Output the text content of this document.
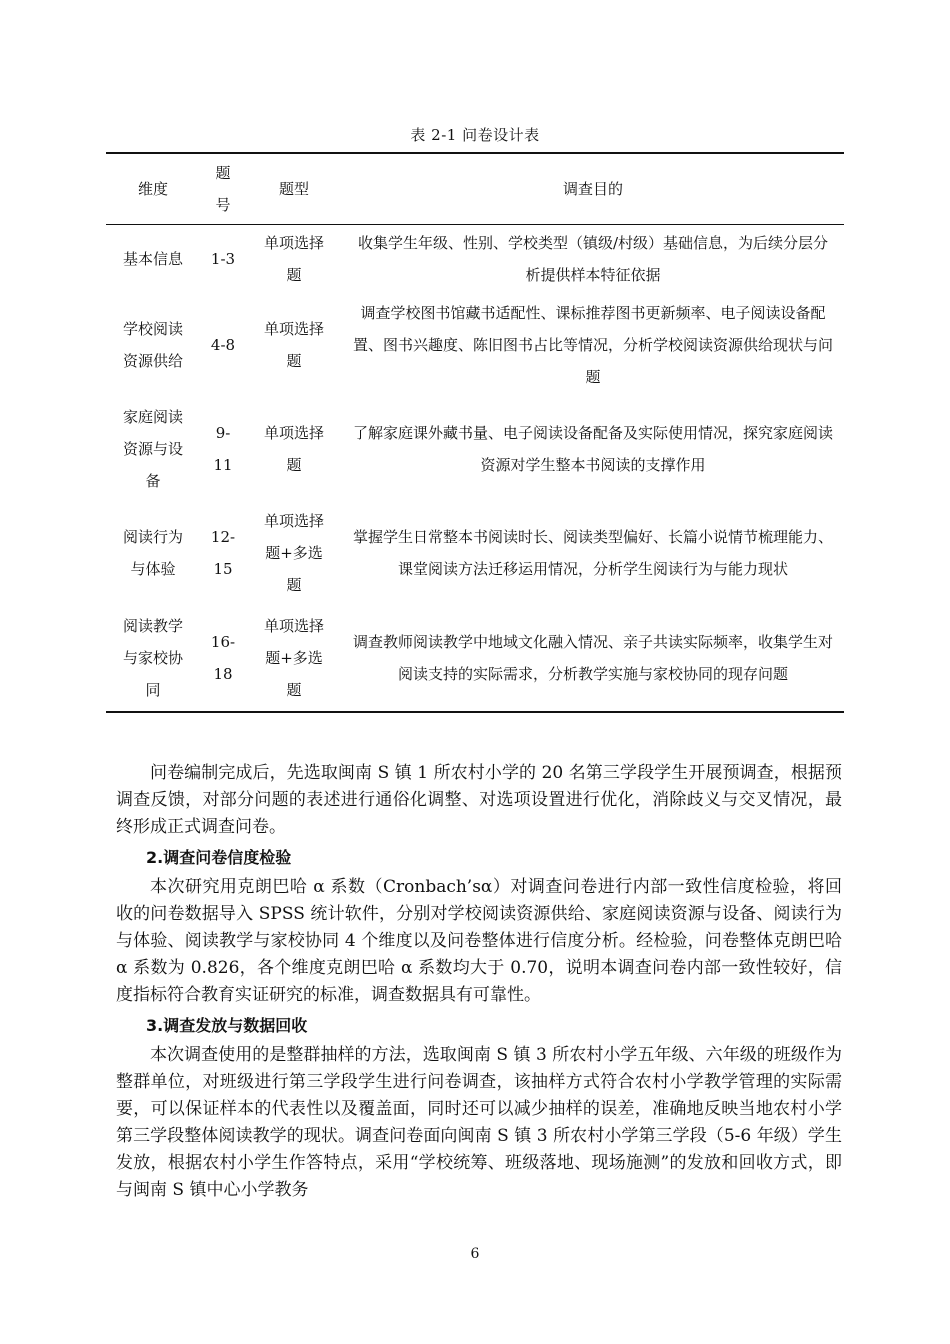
表 2-1 问卷设计表
维度	题号	题型	调查目的
基本信息	1-3	单项选择题	收集学生年级、性别、学校类型（镇级/村级）基础信息，为后续分层分析提供样本特征依据
学校阅读资源供给	4-8	单项选择题	调查学校图书馆藏书适配性、课标推荐图书更新频率、电子阅读设备配置、图书兴趣度、陈旧图书占比等情况，分析学校阅读资源供给现状与问题
家庭阅读资源与设备	9-11	单项选择题	了解家庭课外藏书量、电子阅读设备配备及实际使用情况，探究家庭阅读资源对学生整本书阅读的支撑作用
阅读行为与体验	12-15	单项选择题+多选题	掌握学生日常整本书阅读时长、阅读类型偏好、长篇小说情节梳理能力、课堂阅读方法迁移运用情况，分析学生阅读行为与能力现状
阅读教学与家校协同	16-18	单项选择题+多选题	调查教师阅读教学中地域文化融入情况、亲子共读实际频率，收集学生对阅读支持的实际需求，分析教学实施与家校协同的现存问题

问卷编制完成后，先选取闽南 S 镇 1 所农村小学的 20 名第三学段学生开展预调查，根据预调查反馈，对部分问题的表述进行通俗化调整、对选项设置进行优化，消除歧义与交叉情况，最终形成正式调查问卷。

2.调查问卷信度检验

本次研究用克朗巴哈 α 系数（Cronbach’sα）对调查问卷进行内部一致性信度检验，将回收的问卷数据导入 SPSS 统计软件，分别对学校阅读资源供给、家庭阅读资源与设备、阅读行为与体验、阅读教学与家校协同 4 个维度以及问卷整体进行信度分析。经检验，问卷整体克朗巴哈 α 系数为 0.826，各个维度克朗巴哈 α 系数均大于 0.70，说明本调查问卷内部一致性较好，信度指标符合教育实证研究的标准，调查数据具有可靠性。

3.调查发放与数据回收

本次调查使用的是整群抽样的方法，选取闽南 S 镇 3 所农村小学五年级、六年级的班级作为整群单位，对班级进行第三学段学生进行问卷调查，该抽样方式符合农村小学教学管理的实际需要，可以保证样本的代表性以及覆盖面，同时还可以减少抽样的误差，准确地反映当地农村小学第三学段整体阅读教学的现状。调查问卷面向闽南 S 镇 3 所农村小学第三学段（5-6 年级）学生发放，根据农村小学生作答特点，采用“学校统筹、班级落地、现场施测”的发放和回收方式，即与闽南 S 镇中心小学教务

6
